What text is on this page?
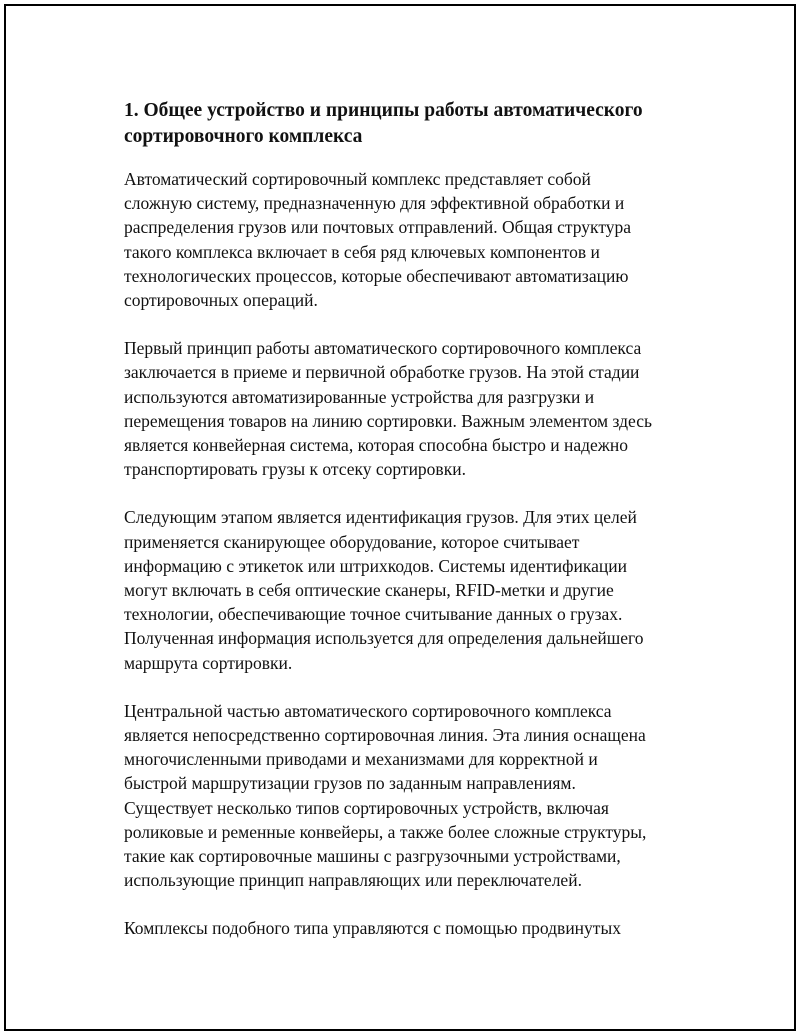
1. Общее устройство и принципы работы автоматического
сортировочного комплекса

Автоматический сортировочный комплекс представляет собой
сложную систему, предназначенную для эффективной обработки и
распределения грузов или почтовых отправлений. Общая структура
такого комплекса включает в себя ряд ключевых компонентов и
технологических процессов, которые обеспечивают автоматизацию
сортировочных операций.

Первый принцип работы автоматического сортировочного комплекса
заключается в приеме и первичной обработке грузов. На этой стадии
используются автоматизированные устройства для разгрузки и
перемещения товаров на линию сортировки. Важным элементом здесь
является конвейерная система, которая способна быстро и надежно
транспортировать грузы к отсеку сортировки.

Следующим этапом является идентификация грузов. Для этих целей
применяется сканирующее оборудование, которое считывает
информацию с этикеток или штрихкодов. Системы идентификации
могут включать в себя оптические сканеры, RFID-метки и другие
технологии, обеспечивающие точное считывание данных о грузах.
Полученная информация используется для определения дальнейшего
маршрута сортировки.

Центральной частью автоматического сортировочного комплекса
является непосредственно сортировочная линия. Эта линия оснащена
многочисленными приводами и механизмами для корректной и
быстрой маршрутизации грузов по заданным направлениям.
Существует несколько типов сортировочных устройств, включая
роликовые и ременные конвейеры, а также более сложные структуры,
такие как сортировочные машины с разгрузочными устройствами,
использующие принцип направляющих или переключателей.

Комплексы подобного типа управляются с помощью продвинутых
